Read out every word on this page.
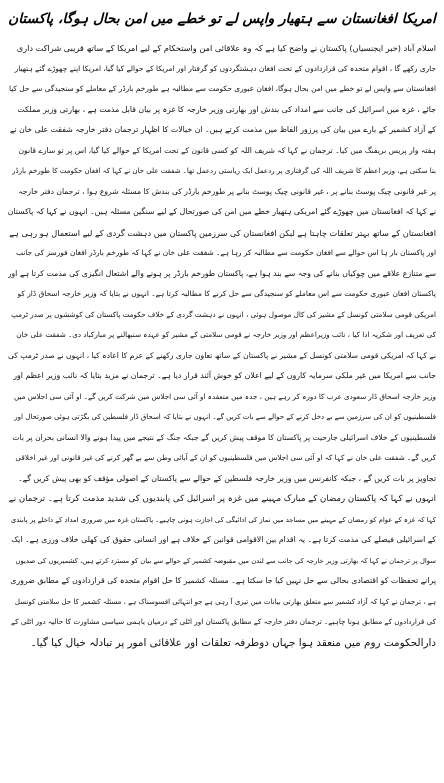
امریکا افغانستان سے ہتھیار واپس لے تو خطے میں امن بحال ہوگا، پاکستان
اسلام آباد (خبر ایجنسیاں) پاکستان نے واضح کیا ہے کہ وہ علاقائی امن واستحکام کے لیے امریکا کے ساتھ قریبی شراکت داری
جاری رکھے گا ، اقوام متحدہ کی قراردادوں کے تحت افغان دہشتگردوں کو گرفتار اور امریکا کے حوالے کیا گیا، امریکا اپنے چھوڑے گئے ہتھیار
افغانستان سے واپس لے تو خطے میں امن بحال ہوگا، افغان عبوری حکومت سے مطالبہ ہے طورخم بارڈر کے معاملے کو سنجیدگی سے حل کیا
جائے ، غزہ میں اسرائیل کی جانب سے امداد کی بندش اور بھارتی وزیر خارجہ کا غزہ پر بیان قابل مذمت ہے ، بھارتی وزیر مملکت
کے آزاد کشمیر کے بارے میں بیان کی پرزور الفاظ میں مذمت کرتے ہیں۔ ان خیالات کا اظہار ترجمان دفتر خارجہ شفقت علی خان نے
ہفتہ وار پریس بریفنگ میں کیا۔ ترجمان نے کہا کہ شریف اللہ کو کسی قانون کے تحت امریکا کے حوالے کیا گیا، اس پر تو سارے قانون
بتا سکتی ہے، وزیر اعظم کا شریف اللہ کی گرفتاری پر ردعمل ایک ریاستی ردعمل تھا۔ شفقت علی خان نے کہا کہ افغان حکومت کا طورخم بارڈر
پر غیر قانونی چیک پوسٹ بنانے پر ، غیر قانونی چیک پوسٹ بنانے پر طورخم بارڈر کی بندش کا مسئلہ شروع ہوا ، ترجمان دفتر خارجہ
نے کہا کہ افغانستان میں چھوڑے گئے امریکی ہتھیار خطے میں امن کی صورتحال کے لیے سنگین مسئلہ ہیں۔ انہوں نے کہا کہ پاکستان
افغانستان کے ساتھ بہتر تعلقات چاہتا ہے لیکن افغانستان کی سرزمین پاکستان میں دہشت گردی کے لیے استعمال ہو رہی ہے
اور پاکستان بار ہا اس حوالے سے افغان حکومت سے مطالبہ کر رہا ہے۔ شفقت علی خان نے کہا کہ طورخم بارڈر افغان فورسز کی جانب
سے متنازع علاقے میں چوکیاں بنانے کی وجہ سے بند ہوا ہے، پاکستان طورخم بارڈر پر ہونے والے اشتعال انگیزی کی مذمت کرتا ہے اور
پاکستان افغان عبوری حکومت سے اس معاملے کو سنجیدگی سے حل کرنے کا مطالبہ کرتا ہے۔ انہوں نے بتایا کہ وزیر خارجہ اسحاق ڈار کو
امریکی قومی سلامتی کونسل کے مشیر کی کال موصول ہوئی ، انہوں نے دہشت گردی کے خلاف حکومت پاکستان کی کوششوں پر صدر ٹرمپ
کی تعریف اور شکریہ ادا کیا ، نائب وزیراعظم اور وزیر خارجہ نے قومی سلامتی کے مشیر کو عہدہ سنبھالنے پر مبارکباد دی۔ شفقت علی خان
نے کہا کہ امریکی قومی سلامتی کونسل کے مشیر نے پاکستان کے ساتھ تعاون جاری رکھنے کے عزم کا اعادہ کیا ، انہوں نے صدر ٹرمپ کی
جانب سے امریکا میں غیر ملکی سرمایہ کاروں کے لیے اعلان کو خوش آئند قرار دیا ہے۔ ترجمان نے مزید بتایا کہ نائب وزیر اعظم اور
وزیر خارجہ اسحاق ڈار سعودی عرب کا دورہ کر رہے ہیں ، جدہ میں منعقدہ او آئی سی اجلاس میں شرکت کریں گے۔ او آئی سی اجلاس میں
فلسطینیوں کو ان کی سرزمین سے بے دخل کرنے کے حوالے سے بات کریں گے۔ انہوں نے بتایا کہ اسحاق ڈار فلسطین کی بگڑتی ہوئی صورتحال اور
فلسطینیوں کے خلاف اسرائیلی جارحیت پر پاکستان کا موقف پیش کریں گے جبکہ جنگ کے نتیجے میں پیدا ہونے والا انسانی بحران پر بات
کریں گے۔ شفقت علی خان نے کہا کہ او آئی سی اجلاس میں فلسطینیوں کو ان کے آبائی وطن سے بے گھر کرنے کی غیر قانونی اور غیر اخلاقی
تجاویز پر بات کریں گے ، جبکہ کانفرنس میں وزیر خارجہ فلسطین کے حوالے سے پاکستان کے اصولی مؤقف کو بھی پیش کریں گے۔
انہوں نے کہا کہ پاکستان رمضان کے مبارک مہینے میں غزہ پر اسرائیل کی پابندیوں کی شدید مذمت کرتا ہے۔ ترجمان نے
کہا کہ غزہ کے عوام کو رمضان کے مہینے میں مساجد میں نماز کی ادائیگی کی اجازت ہونی چاہیے۔ پاکستان غزہ میں ضروری امداد کے داخلے پر پابندی
کے اسرائیلی فیصلے کی مذمت کرتا ہے۔ یہ اقدام بین الاقوامی قوانین کے خلاف ہے اور انسانی حقوق کی کھلی خلاف ورزی ہے۔ ایک
سوال پر ترجمان نے کہا کہ بھارتی وزیر خارجہ کی جانب سے لندن میں مقبوضہ کشمیر کے حوالے سے بیان کو مسترد کرتے ہیں، کشمیریوں کی صدیوں
پرانے تحفظات کو اقتصادی بحالی سے حل نہیں کیا جا سکتا ہے۔ مسئلہ کشمیر کا حل اقوام متحدہ کی قراردادوں کے مطابق ضروری
ہے ، ترجمان نے کہا کہ آزاد کشمیر سے متعلق بھارتی بیانات میں تیزی آ رہی ہے جو انتہائی افسوسناک ہے ، مسئلہ کشمیر کا حل سلامتی کونسل
کی قراردادوں کے مطابق ہونا چاہیے۔ ترجمان دفتر خارجہ کے مطابق پاکستان اور اٹلی کے درمیان باہمی سیاسی مشاورت کا حالیہ دور اٹلی کے
دارالحکومت روم میں منعقد ہوا جہاں دوطرفہ تعلقات اور علاقائی امور پر تبادلہ خیال کیا گیا۔
